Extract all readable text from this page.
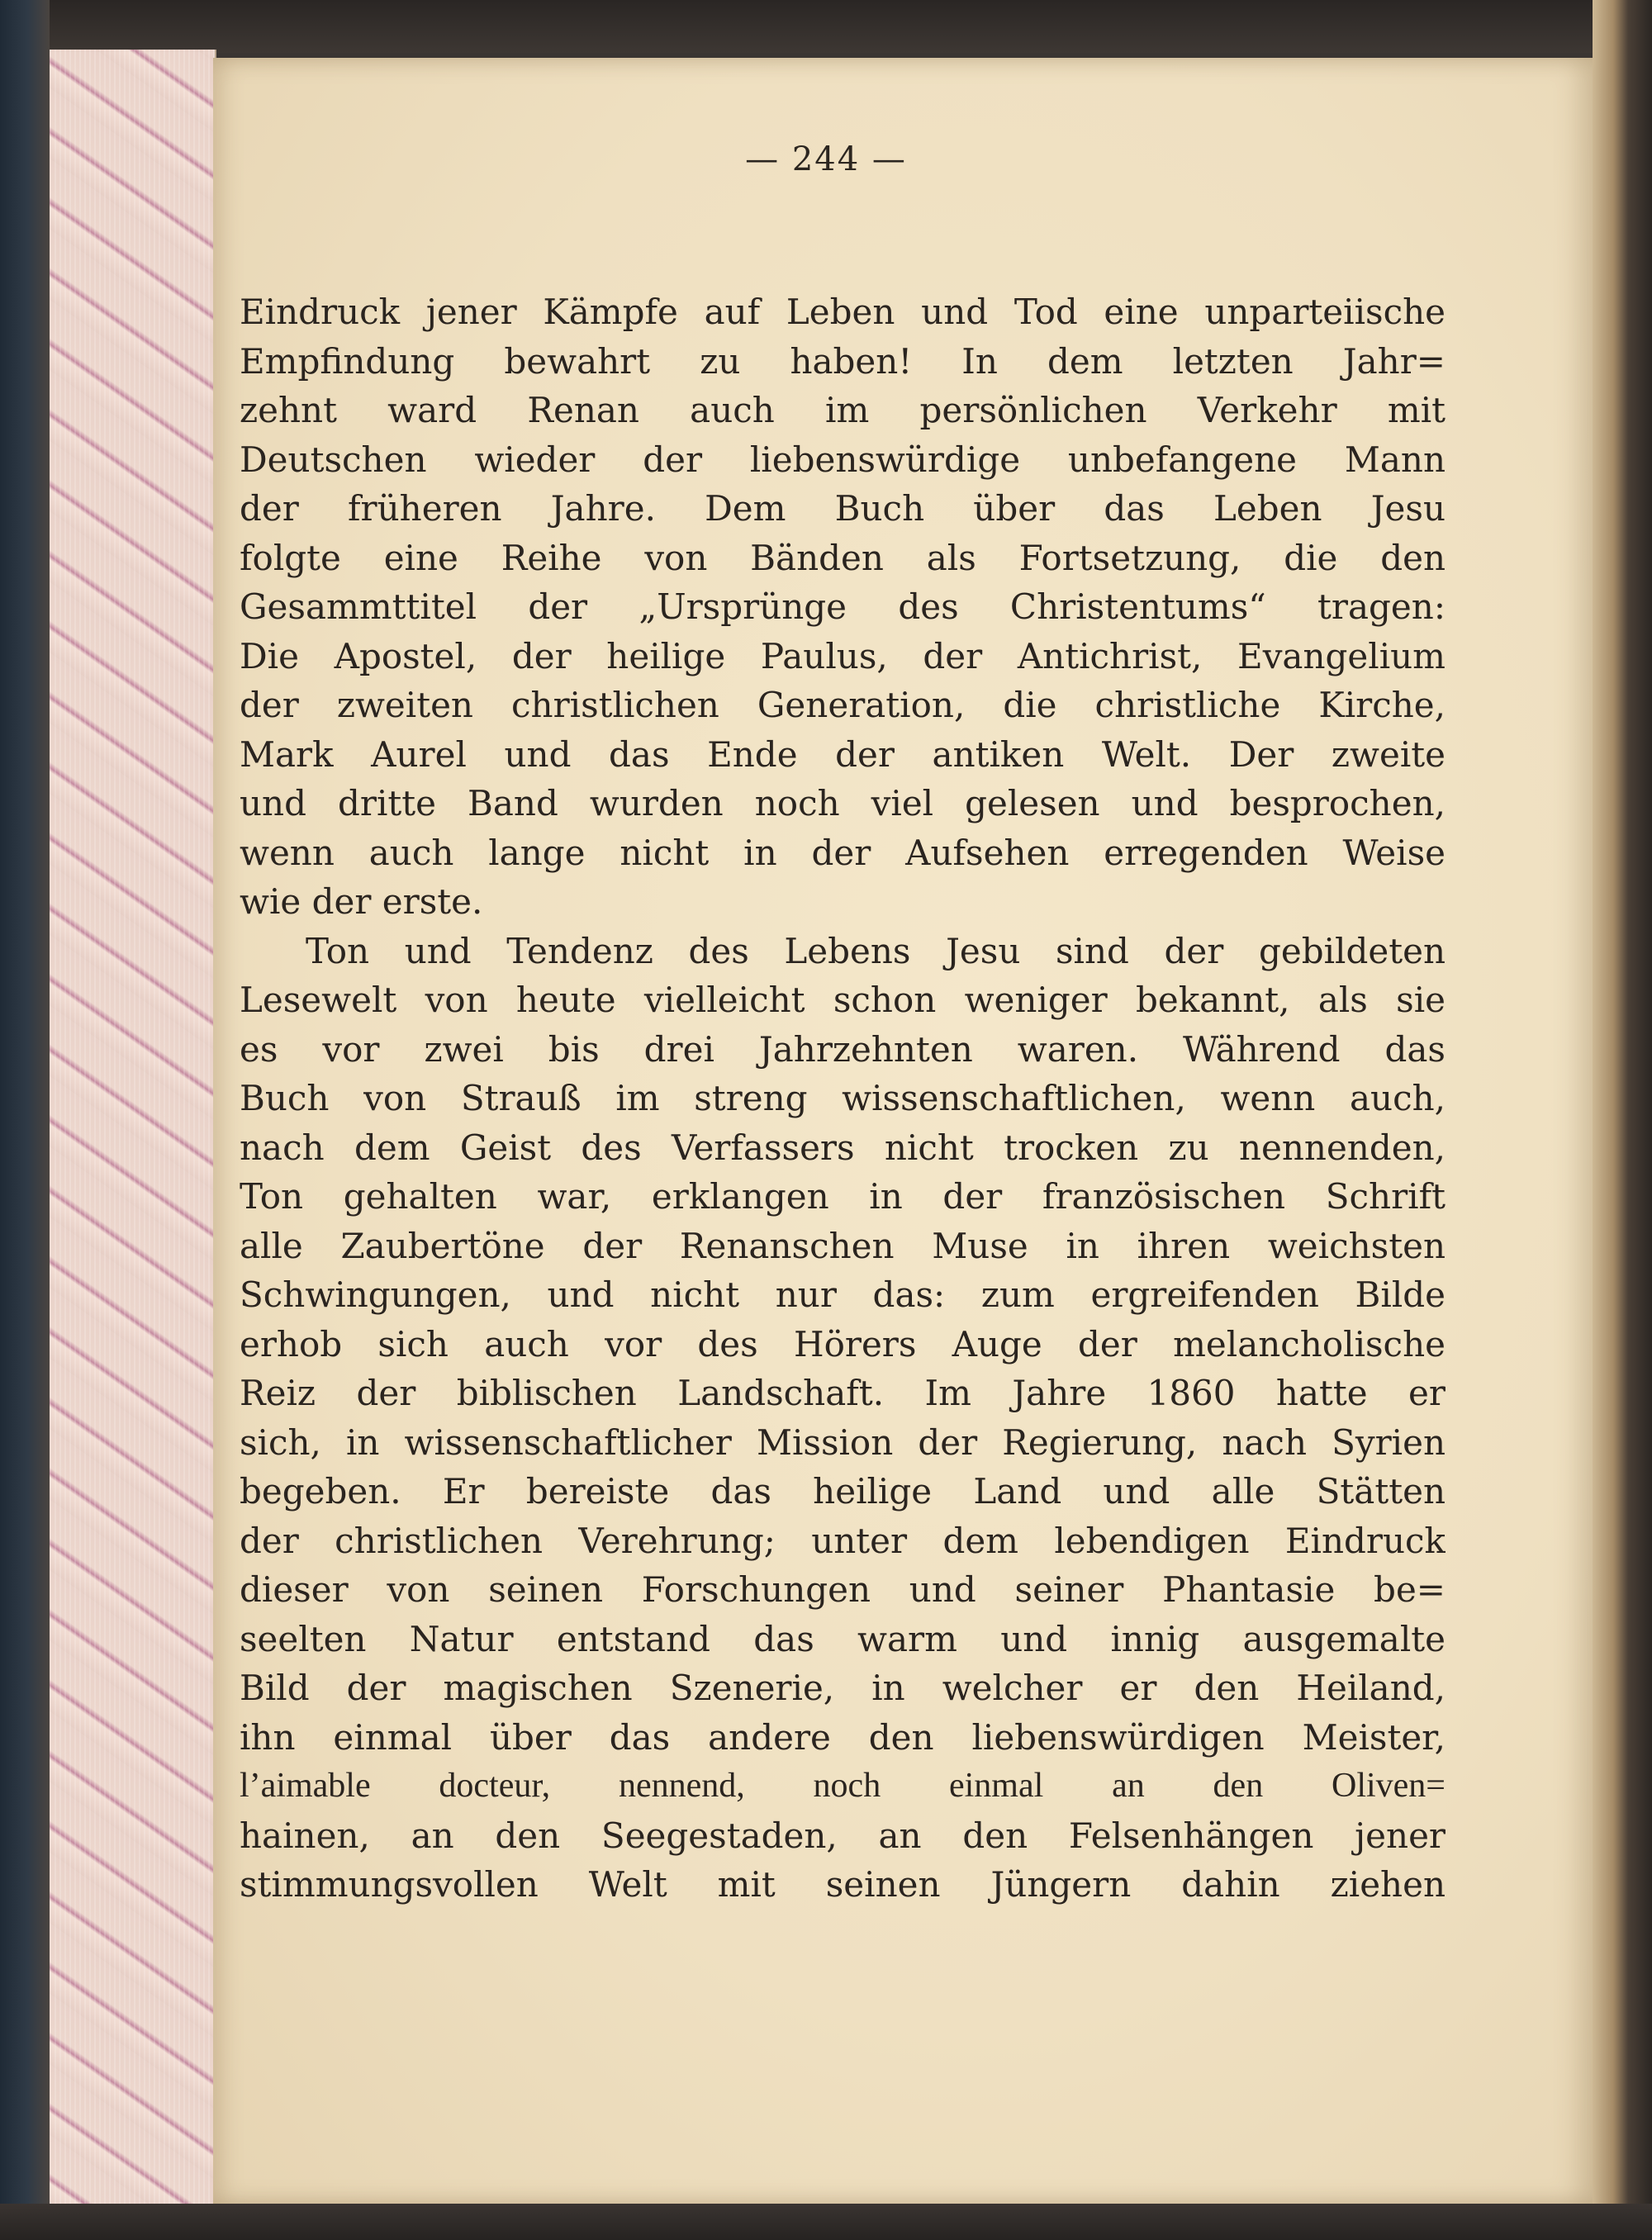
— 244 —
Eindruck jener Kämpfe auf Leben und Tod eine unparteiische
Empfindung bewahrt zu haben! In dem letzten Jahr=
zehnt ward Renan auch im persönlichen Verkehr mit
Deutschen wieder der liebenswürdige unbefangene Mann
der früheren Jahre. Dem Buch über das Leben Jesu
folgte eine Reihe von Bänden als Fortsetzung, die den
Gesammttitel der „Ursprünge des Christentums“ tragen:
Die Apostel, der heilige Paulus, der Antichrist, Evangelium
der zweiten christlichen Generation, die christliche Kirche,
Mark Aurel und das Ende der antiken Welt. Der zweite
und dritte Band wurden noch viel gelesen und besprochen,
wenn auch lange nicht in der Aufsehen erregenden Weise
wie der erste.
Ton und Tendenz des Lebens Jesu sind der gebildeten
Lesewelt von heute vielleicht schon weniger bekannt, als sie
es vor zwei bis drei Jahrzehnten waren. Während das
Buch von Strauß im streng wissenschaftlichen, wenn auch,
nach dem Geist des Verfassers nicht trocken zu nennenden,
Ton gehalten war, erklangen in der französischen Schrift
alle Zaubertöne der Renanschen Muse in ihren weichsten
Schwingungen, und nicht nur das: zum ergreifenden Bilde
erhob sich auch vor des Hörers Auge der melancholische
Reiz der biblischen Landschaft. Im Jahre 1860 hatte er
sich, in wissenschaftlicher Mission der Regierung, nach Syrien
begeben. Er bereiste das heilige Land und alle Stätten
der christlichen Verehrung; unter dem lebendigen Eindruck
dieser von seinen Forschungen und seiner Phantasie be=
seelten Natur entstand das warm und innig ausgemalte
Bild der magischen Szenerie, in welcher er den Heiland,
ihn einmal über das andere den liebenswürdigen Meister,
l’aimable docteur, nennend, noch einmal an den Oliven=
hainen, an den Seegestaden, an den Felsenhängen jener
stimmungsvollen Welt mit seinen Jüngern dahin ziehen
